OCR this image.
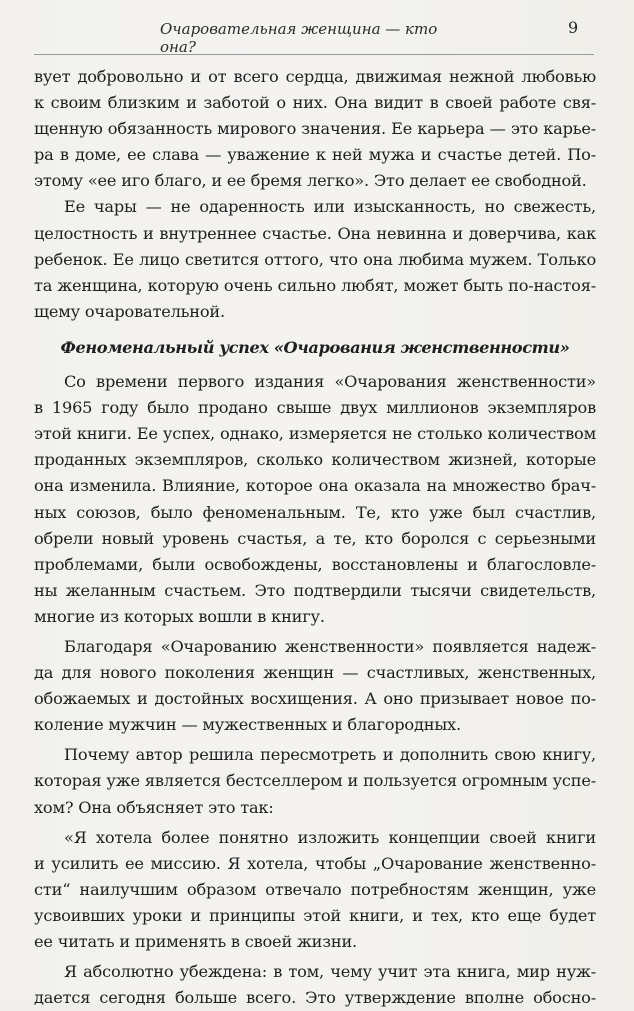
Очаровательная женщина — кто она?
9
вует добровольно и от всего сердца, движимая нежной любовью
к своим близким и заботой о них. Она видит в своей работе свя-
щенную обязанность мирового значения. Ее карьера — это карье-
ра в доме, ее слава — уважение к ней мужа и счастье детей. По-
этому «ее иго благо, и ее бремя легко». Это делает ее свободной.
Ее чары — не одаренность или изысканность, но свежесть,
целостность и внутреннее счастье. Она невинна и доверчива, как
ребенок. Ее лицо светится оттого, что она любима мужем. Только
та женщина, которую очень сильно любят, может быть по-настоя-
щему очаровательной.
Феноменальный успех «Очарования женственности»
Со времени первого издания «Очарования женственности»
в 1965 году было продано свыше двух миллионов экземпляров
этой книги. Ее успех, однако, измеряется не столько количеством
проданных экземпляров, сколько количеством жизней, которые
она изменила. Влияние, которое она оказала на множество брач-
ных союзов, было феноменальным. Те, кто уже был счастлив,
обрели новый уровень счастья, а те, кто боролся с серьезными
проблемами, были освобождены, восстановлены и благословле-
ны желанным счастьем. Это подтвердили тысячи свидетельств,
многие из которых вошли в книгу.
Благодаря «Очарованию женственности» появляется надеж-
да для нового поколения женщин — счастливых, женственных,
обожаемых и достойных восхищения. А оно призывает новое по-
коление мужчин — мужественных и благородных.
Почему автор решила пересмотреть и дополнить свою книгу,
которая уже является бестселлером и пользуется огромным успе-
хом? Она объясняет это так:
«Я хотела более понятно изложить концепции своей книги
и усилить ее миссию. Я хотела, чтобы „Очарование женственно-
сти“ наилучшим образом отвечало потребностям женщин, уже
усвоивших уроки и принципы этой книги, и тех, кто еще будет
ее читать и применять в своей жизни.
Я абсолютно убеждена: в том, чему учит эта книга, мир нуж-
дается сегодня больше всего. Это утверждение вполне обосно-
